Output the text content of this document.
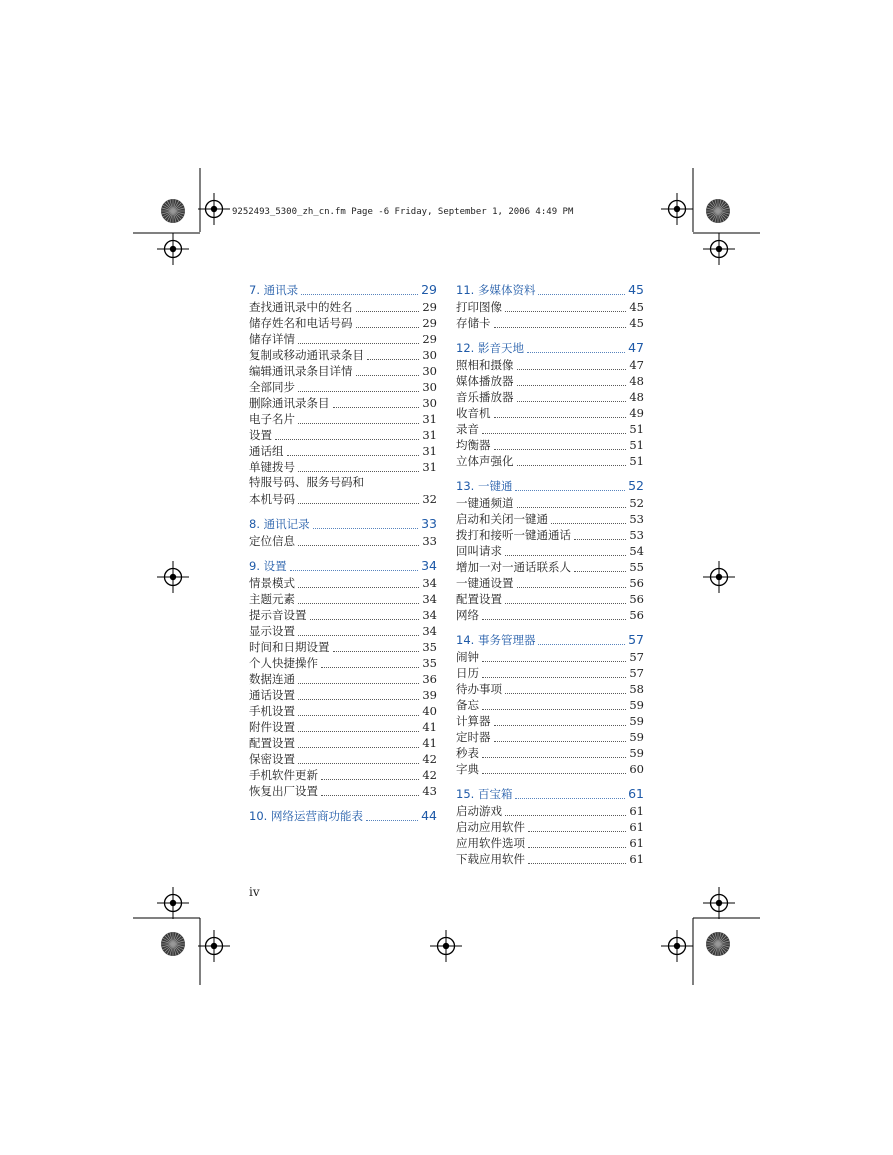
9252493_5300_zh_cn.fm Page -6 Friday, September 1, 2006 4:49 PM
7. 通讯录	29
查找通讯录中的姓名	29
储存姓名和电话号码	29
储存详情	29
复制或移动通讯录条目	30
编辑通讯录条目详情	30
全部同步	30
删除通讯录条目	30
电子名片	31
设置	31
通话组	31
单键拨号	31
特服号码、服务号码和
本机号码	32
8. 通讯记录	33
定位信息	33
9. 设置	34
情景模式	34
主题元素	34
提示音设置	34
显示设置	34
时间和日期设置	35
个人快捷操作	35
数据连通	36
通话设置	39
手机设置	40
附件设置	41
配置设置	41
保密设置	42
手机软件更新	42
恢复出厂设置	43
10. 网络运营商功能表	44
11. 多媒体资料	45
打印图像	45
存储卡	45
12. 影音天地	47
照相和摄像	47
媒体播放器	48
音乐播放器	48
收音机	49
录音	51
均衡器	51
立体声强化	51
13. 一键通	52
一键通频道	52
启动和关闭一键通	53
拨打和接听一键通通话	53
回叫请求	54
增加一对一通话联系人	55
一键通设置	56
配置设置	56
网络	56
14. 事务管理器	57
闹钟	57
日历	57
待办事项	58
备忘	59
计算器	59
定时器	59
秒表	59
字典	60
15. 百宝箱	61
启动游戏	61
启动应用软件	61
应用软件选项	61
下载应用软件	61
iv
